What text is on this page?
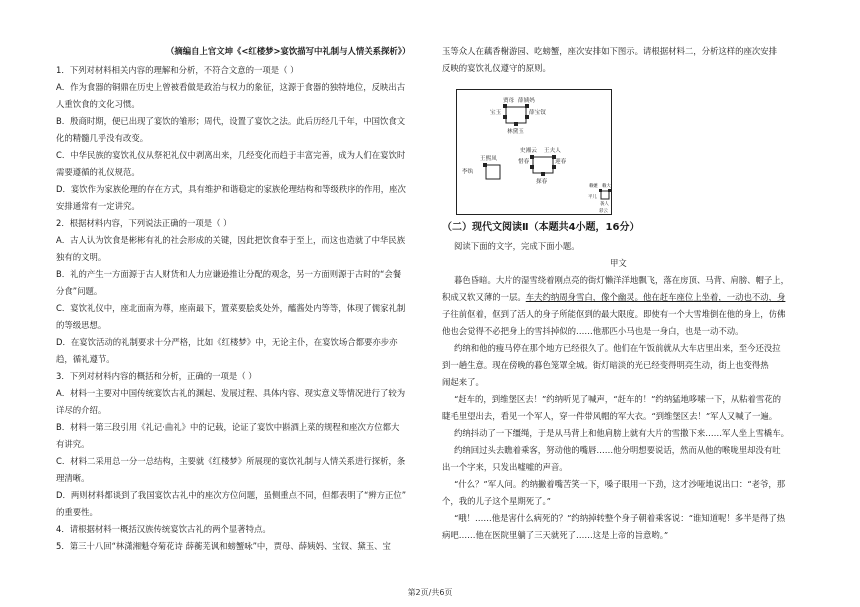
（摘编自上官文坤《<红楼梦>宴饮描写中礼制与人情关系探析》）
1．下列对材料相关内容的理解和分析，不符合文意的一项是（ ）
A．作为食器的铜鼎在历史上曾被看做是政治与权力的象征，这源于食器的独特地位，反映出古
人重饮食的文化习惯。
B．殷商时期，便已出现了宴饮的雏形；周代，设置了宴饮之法。此后历经几千年，中国饮食文
化的精髓几乎没有改变。
C．中华民族的宴饮礼仪从祭祀礼仪中剥离出来，几经变化而趋于丰富完善，成为人们在宴饮时
需要遵循的礼仪规范。
D．宴饮作为家族伦理的存在方式，具有维护和谐稳定的家族伦理结构和等级秩序的作用，座次
安排通常有一定讲究。
2．根据材料内容，下列说法正确的一项是（ ）
A．古人认为饮食是彬彬有礼的社会形成的关键，因此把饮食奉于至上，而这也造就了中华民族
独有的文明。
B．礼的产生一方面源于古人财货和人力应谦逊推让分配的观念，另一方面则源于古时的“会餐
分食”问题。
C．宴饮礼仪中，座北面南为尊，座南最下，置菜要脍炙处外，醯酱处内等等，体现了儒家礼制
的等级思想。
D．在宴饮活动的礼制要求十分严格，比如《红楼梦》中，无论主仆，在宴饮场合都要亦步亦
趋，循礼遵节。
3．下列对材料内容的概括和分析，正确的一项是（ ）
A．材料一主要对中国传统宴饮古礼的渊起、发展过程、具体内容、现实意义等情况进行了较为
详尽的介绍。
B．材料一第三段引用《礼记·曲礼》中的记载，论证了宴饮中斟酒上菜的规程和座次方位都大
有讲究。
C．材料二采用总一分一总结构，主要就《红楼梦》所展现的宴饮礼制与人情关系进行探析，条
理清晰。
D．两则材料都谈到了我国宴饮古礼中的座次方位问题，虽侧重点不同，但都表明了“辨方正位”
的重要性。
4．请根据材料一概括汉族传统宴饮古礼的两个显著特点。
5．第三十八回“林潇湘魁夺菊花诗 薛蘅芜讽和螃蟹咏”中，贾母、薛姨妈、宝钗、黛玉、宝
玉等众人在藕香榭游园、吃螃蟹，座次安排如下图示。请根据材料二，分析这样的座次安排
反映的宴饮礼仪遵守的原则。
贾母 薛姨妈
宝玉	薛宝钗
林黛玉
史湘云 王夫人
王熙凤
李纨
惜春	迎春
探春
赖嬷 赖大
平儿
袭人
彩云
（二）现代文阅读Ⅱ（本题共4小题，16分）
阅读下面的文字，完成下面小题。
甲文
暮色昏暗。大片的湿雪绕着刚点亮的街灯懒洋洋地飘飞，落在房顶、马背、肩膀、帽子上，
积成又软又薄的一层。车夫约纳周身雪白，像个幽灵。他在赶车座位上坐着，一动也不动，身
子往前伛着，伛到了活人的身子所能伛到的最大限度。即使有一个大雪堆倒在他的身上，仿佛
他也会觉得不必把身上的雪抖掉似的……他那匹小马也是一身白，也是一动不动。
约纳和他的瘦马停在那个地方已经很久了。他们在午饭前就从大车店里出来，至今还没拉
到一趟生意。现在傍晚的暮色笼罩全城。街灯暗淡的光已经变得明亮生动，街上也变得热
闹起来了。
“赶车的，到维堡区去！”约纳听见了喊声，“赶车的！”约纳猛地哆嗦一下，从粘着雪花的
睫毛里望出去，看见一个军人，穿一件带风帽的军大衣。“到维堡区去！”军人又喊了一遍。
约纳抖动了一下缰绳，于是从马背上和他肩膀上就有大片的雪撒下来……军人坐上雪橇车。
约纳回过头去瞧着乘客，努动他的嘴唇……他分明想要说话，然而从他的喉咙里却没有吐
出一个字来，只发出嘘嘘的声音。
“什么？”军人问。约纳撇着嘴苦笑一下，嗓子眼用一下劲，这才沙哑地说出口：“老爷，那
个，我的儿子这个星期死了。”
“哦！……他是害什么病死的？”约纳掉转整个身子朝着乘客说：“谁知道呢！多半是得了热
病吧……他在医院里躺了三天就死了……这是上帝的旨意哟。”
第2页/共6页
